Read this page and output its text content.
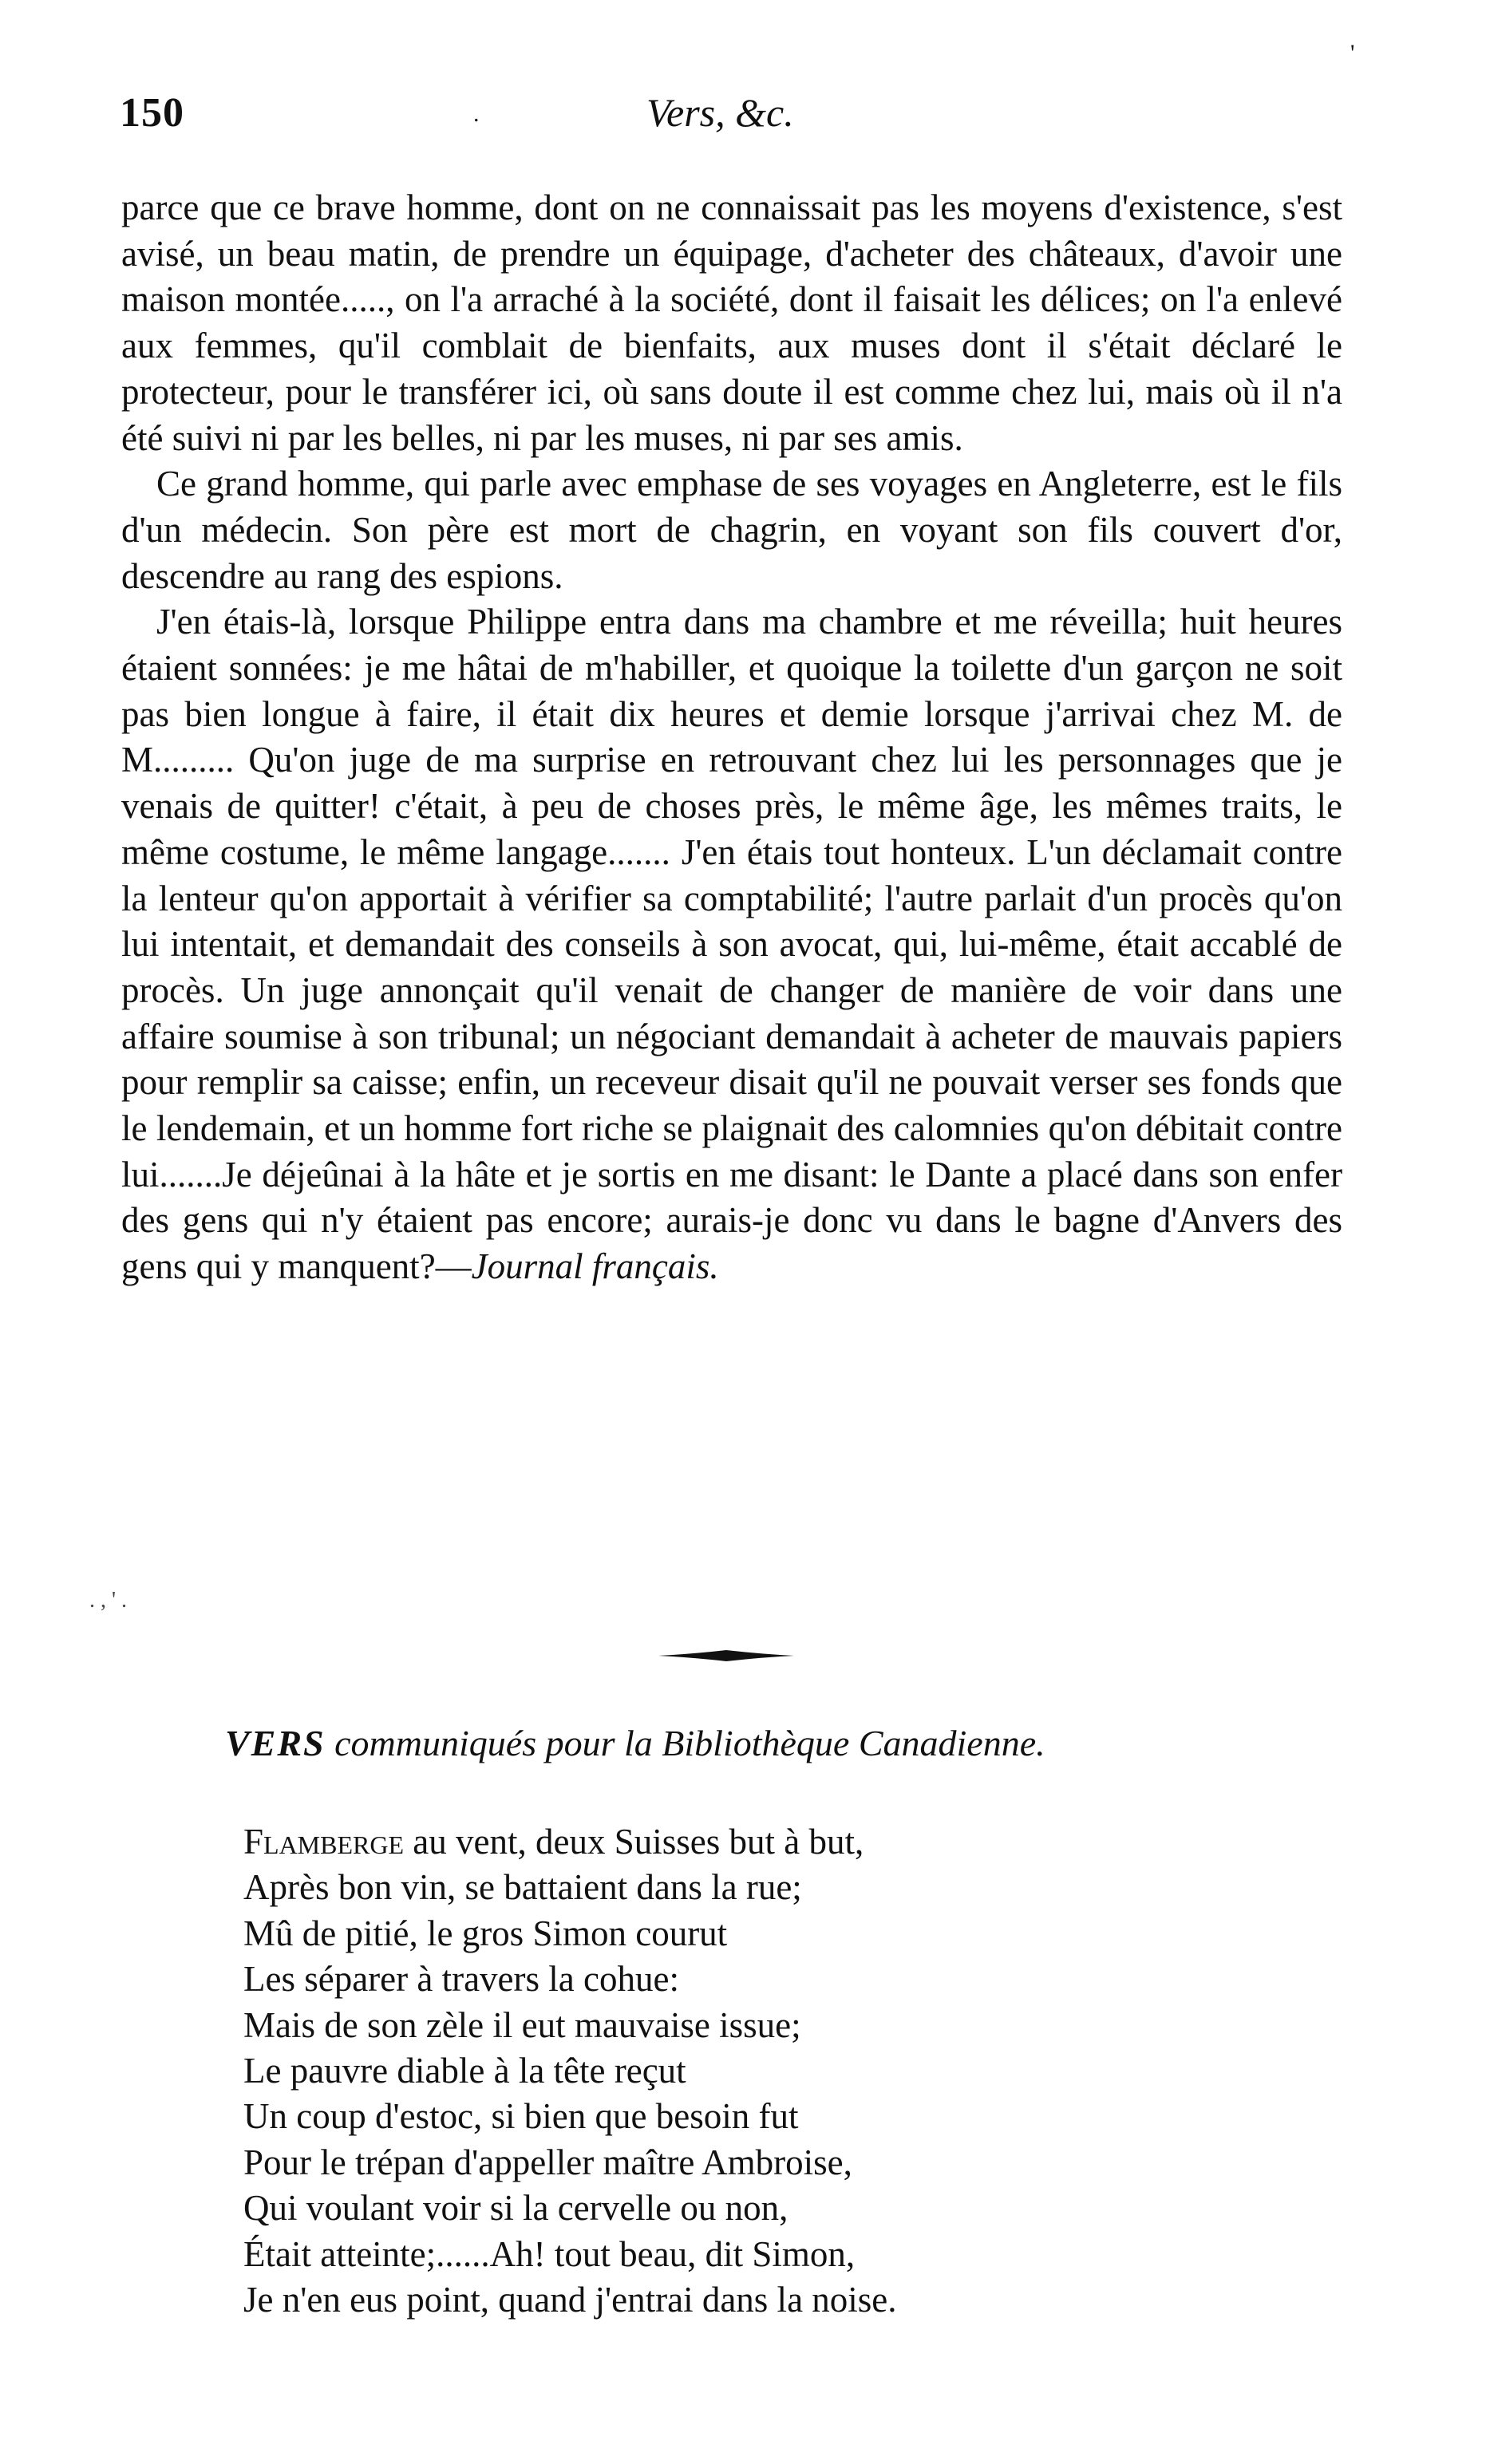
150	.	Vers, &c.
'

parce que ce brave homme, dont on ne connaissait pas les moyens d'existence, s'est avisé, un beau matin, de prendre un équipage, d'acheter des châteaux, d'avoir une maison montée....., on l'a arraché à la société, dont il faisait les délices; on l'a enlevé aux femmes, qu'il comblait de bienfaits, aux muses dont il s'était déclaré le protecteur, pour le transférer ici, où sans doute il est comme chez lui, mais où il n'a été suivi ni par les belles, ni par les muses, ni par ses amis.

Ce grand homme, qui parle avec emphase de ses voyages en Angleterre, est le fils d'un médecin. Son père est mort de chagrin, en voyant son fils couvert d'or, descendre au rang des espions.

J'en étais-là, lorsque Philippe entra dans ma chambre et me réveilla; huit heures étaient sonnées: je me hâtai de m'habiller, et quoique la toilette d'un garçon ne soit pas bien longue à faire, il était dix heures et demie lorsque j'arrivai chez M. de M......... Qu'on juge de ma surprise en retrouvant chez lui les personnages que je venais de quitter! c'était, à peu de choses près, le même âge, les mêmes traits, le même costume, le même langage....... J'en étais tout honteux. L'un déclamait contre la lenteur qu'on apportait à vérifier sa comptabilité; l'autre parlait d'un procès qu'on lui intentait, et demandait des conseils à son avocat, qui, lui-même, était accablé de procès. Un juge annonçait qu'il venait de changer de manière de voir dans une affaire soumise à son tribunal; un négociant demandait à acheter de mauvais papiers pour remplir sa caisse; enfin, un receveur disait qu'il ne pouvait verser ses fonds que le lendemain, et un homme fort riche se plaignait des calomnies qu'on débitait contre lui.......Je déjeûnai à la hâte et je sortis en me disant: le Dante a placé dans son enfer des gens qui n'y étaient pas encore; aurais-je donc vu dans le bagne d'Anvers des gens qui y manquent?—Journal français.

. , ' .
VERS communiqués pour la Bibliothèque Canadienne.
Flamberge au vent, deux Suisses but à but,
Après bon vin, se battaient dans la rue;
Mû de pitié, le gros Simon courut
Les séparer à travers la cohue:
Mais de son zèle il eut mauvaise issue;
Le pauvre diable à la tête reçut
Un coup d'estoc, si bien que besoin fut
Pour le trépan d'appeller maître Ambroise,
Qui voulant voir si la cervelle ou non,
Était atteinte;......Ah! tout beau, dit Simon,
Je n'en eus point, quand j'entrai dans la noise.
